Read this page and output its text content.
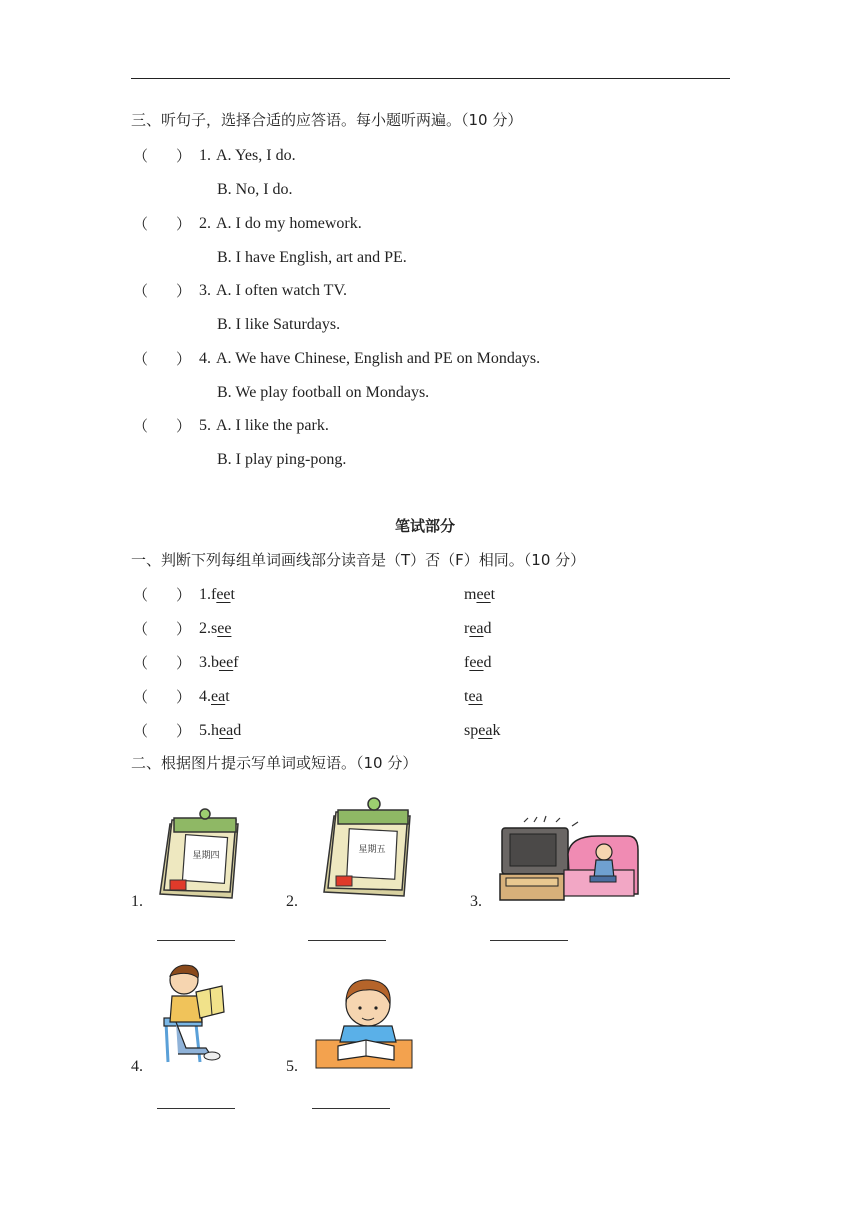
三、听句子，选择合适的应答语。每小题听两遍。（10 分）
（ ） 1. A. Yes, I do.
B. No, I do.
（ ） 2. A. I do my homework.
B. I have English, art and PE.
（ ） 3. A. I often watch TV.
B. I like Saturdays.
（ ） 4. A. We have Chinese, English and PE on Mondays.
B. We play football on Mondays.
（ ） 5. A. I like the park.
B. I play ping-pong.
笔试部分
一、判断下列每组单词画线部分读音是（T）否（F）相同。（10 分）
（ ） 1.feet	meet
（ ） 2.see	read
（ ） 3.beef	feed
（ ） 4.eat	tea
（ ） 5.head	speak
二、根据图片提示写单词或短语。（10 分）
1.
星期四
2.
星期五
3.
4.	5.
